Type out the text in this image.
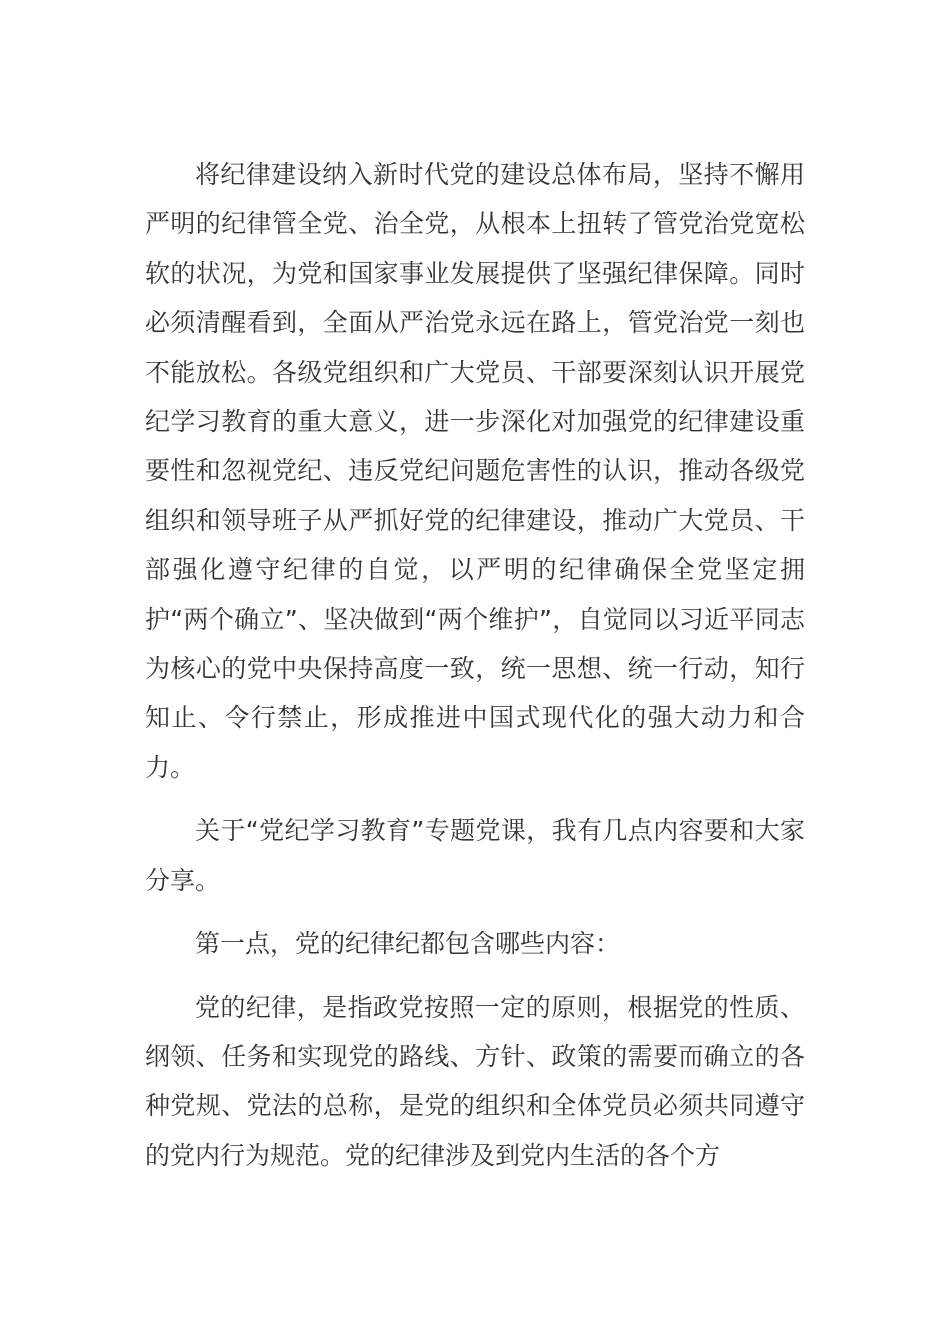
将纪律建设纳入新时代党的建设总体布局，坚持不懈用严明的纪律管全党、治全党，从根本上扭转了管党治党宽松软的状况，为党和国家事业发展提供了坚强纪律保障。同时必须清醒看到，全面从严治党永远在路上，管党治党一刻也不能放松。各级党组织和广大党员、干部要深刻认识开展党纪学习教育的重大意义，进一步深化对加强党的纪律建设重要性和忽视党纪、违反党纪问题危害性的认识，推动各级党组织和领导班子从严抓好党的纪律建设，推动广大党员、干部强化遵守纪律的自觉，以严明的纪律确保全党坚定拥护“两个确立”、坚决做到“两个维护”，自觉同以习近平同志为核心的党中央保持高度一致，统一思想、统一行动，知行知止、令行禁止，形成推进中国式现代化的强大动力和合力。

关于“党纪学习教育”专题党课，我有几点内容要和大家分享。

第一点，党的纪律纪都包含哪些内容：

党的纪律，是指政党按照一定的原则，根据党的性质、纲领、任务和实现党的路线、方针、政策的需要而确立的各种党规、党法的总称，是党的组织和全体党员必须共同遵守的党内行为规范。党的纪律涉及到党内生活的各个方
